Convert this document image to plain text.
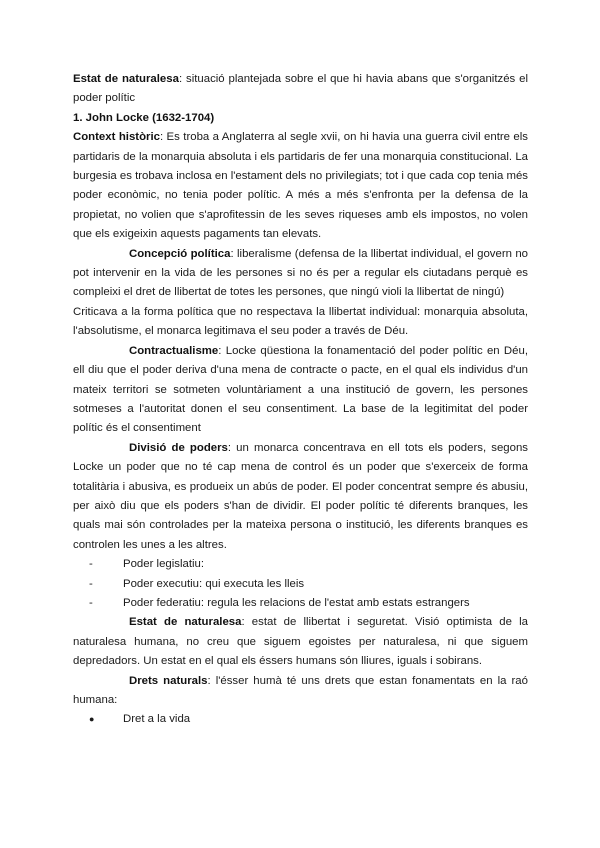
Estat de naturalesa: situació plantejada sobre el que hi havia abans que s'organitzés el poder polític

1. John Locke (1632-1704)

Context històric: Es troba a Anglaterra al segle xvii, on hi havia una guerra civil entre els partidaris de la monarquia absoluta i els partidaris de fer una monarquia constitucional. La burgesia es trobava inclosa en l'estament dels no privilegiats; tot i que cada cop tenia més poder econòmic, no tenia poder polític. A més a més s'enfronta per la defensa de la propietat, no volien que s'aprofitessin de les seves riqueses amb els impostos, no volen que els exigeixin aquests pagaments tan elevats.

Concepció política: liberalisme (defensa de la llibertat individual, el govern no pot intervenir en la vida de les persones si no és per a regular els ciutadans perquè es compleixi el dret de llibertat de totes les persones, que ningú violi la llibertat de ningú)

Criticava a la forma política que no respectava la llibertat individual: monarquia absoluta, l'absolutisme, el monarca legitimava el seu poder a través de Déu.

Contractualisme: Locke qüestiona la fonamentació del poder polític en Déu, ell diu que el poder deriva d'una mena de contracte o pacte, en el qual els individus d'un mateix territori se sotmeten voluntàriament a una institució de govern, les persones sotmeses a l'autoritat donen el seu consentiment. La base de la legitimitat del poder polític és el consentiment

Divisió de poders: un monarca concentrava en ell tots els poders, segons Locke un poder que no té cap mena de control és un poder que s'exerceix de forma totalitària i abusiva, es produeix un abús de poder. El poder concentrat sempre és abusiu, per això diu que els poders s'han de dividir. El poder polític té diferents branques, les quals mai són controlades per la mateixa persona o institució, les diferents branques es controlen les unes a les altres.

-	Poder legislatiu:
-	Poder executiu: qui executa les lleis
-	Poder federatiu: regula les relacions de l'estat amb estats estrangers

Estat de naturalesa: estat de llibertat i seguretat. Visió optimista de la naturalesa humana, no creu que siguem egoistes per naturalesa, ni que siguem depredadors. Un estat en el qual els éssers humans són lliures, iguals i sobirans.

Drets naturals: l'ésser humà té uns drets que estan fonamentats en la raó humana:

●	Dret a la vida
